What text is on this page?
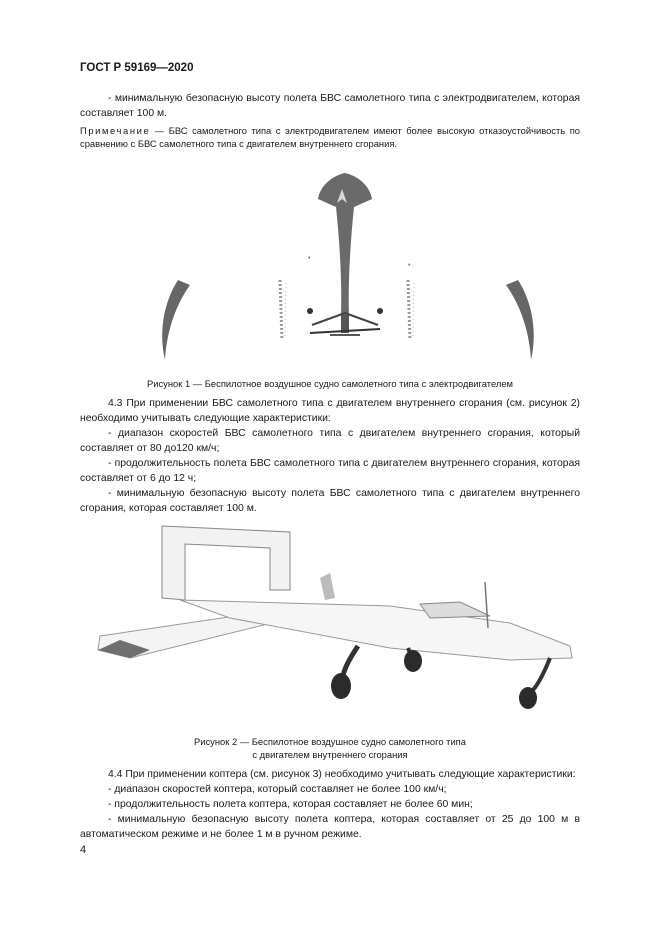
ГОСТ Р 59169—2020

- минимальную безопасную высоту полета БВС самолетного типа с электродвигателем, которая составляет 100 м.

Примечание — БВС самолетного типа с электродвигателем имеют более высокую отказоустойчивость по сравнению с БВС самолетного типа с двигателем внутреннего сгорания.

•
•

Рисунок 1 — Беспилотное воздушное судно самолетного типа с электродвигателем

4.3 При применении БВС самолетного типа с двигателем внутреннего сгорания (см. рисунок 2) необходимо учитывать следующие характеристики:

- диапазон скоростей БВС самолетного типа с двигателем внутреннего сгорания, который составляет от 80 до120 км/ч;

- продолжительность полета БВС самолетного типа с двигателем внутреннего сгорания, которая составляет от 6 до 12 ч;

- минимальную безопасную высоту полета БВС самолетного типа с двигателем внутреннего сгорания, которая составляет 100 м.

Рисунок 2 — Беспилотное воздушное судно самолетного типа

с двигателем внутреннего сгорания

4.4 При применении коптера (см. рисунок 3) необходимо учитывать следующие характеристики:

- диапазон скоростей коптера, который составляет не более 100 км/ч;

- продолжительность полета коптера, которая составляет не более 60 мин;

- минимальную безопасную высоту полета коптера, которая составляет от 25 до 100 м в автоматическом режиме и не более 1 м в ручном режиме.

4
